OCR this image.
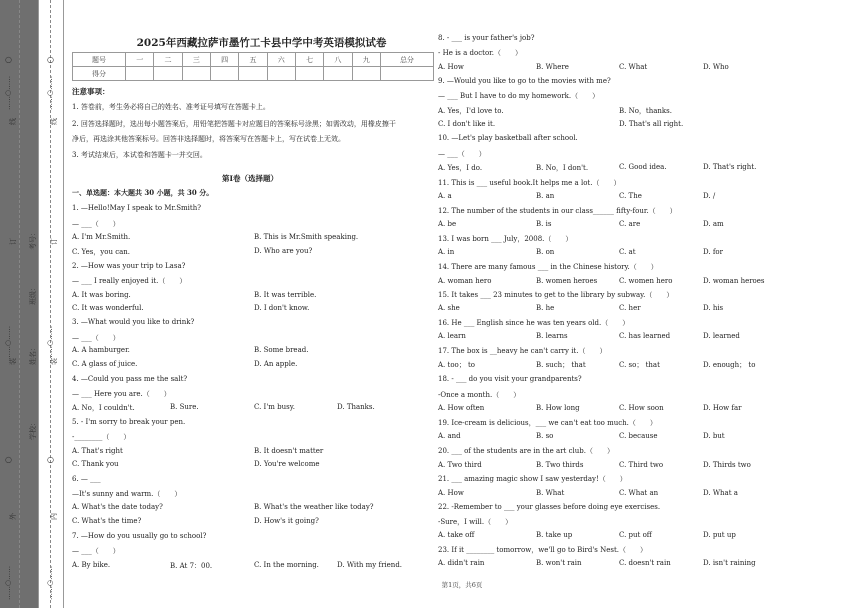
……○……
……○……
……○……
……○……
……○……
……○……
○
○
○
○
外
装
订
线
内
装
订
线
学校：
姓名：
班级：
考号：
2025年西藏拉萨市墨竹工卡县中学中考英语模拟试卷
题号	一	二	三	四	五	六	七	八	九	总分
得分										
注意事项：
1. 答卷前，考生务必将自己的姓名、准考证号填写在答题卡上。
2. 回答选择题时，选出每小题答案后，用铅笔把答题卡对应题目的答案标号涂黑；如需改动，用橡皮擦干
净后，再选涂其他答案标号。回答非选择题时，将答案写在答题卡上，写在试卷上无效。
3. 考试结束后，本试卷和答题卡一并交回。
第Ⅰ卷（选择题）
一、单选题：本大题共 30 小题，共 30 分。
1. —Hello!May I speak to Mr.Smith?
— ___（　　）
A. I'm Mr.Smith.	B. This is Mr.Smith speaking.
C. Yes，you can.	D. Who are you?
2. —How was your trip to Lasa?
— ___ I really enjoyed it.（　　）
A. It was boring.	B. It was terrible.
C. It was wonderful.	D. I don't know.
3. —What would you like to drink?
— ___（　　）
A. A hamburger.	B. Some bread.
C. A glass of juice.	D. An apple.
4. —Could you pass me the salt?
— ___ Here you are.（　　）
A. No，I couldn't.	B. Sure.	C. I'm busy.	D. Thanks.
5. - I'm sorry to break your pen.
-________（　　）
A. That's right	B. It doesn't matter
C. Thank you	D. You're welcome
6. — ___
—It's sunny and warm.（　　）
A. What's the date today?	B. What's the weather like today?
C. What's the time?	D. How's it going?
7. —How do you usually go to school?
— ___（　　）
A. By bike.	B. At 7：00.	C. In the morning.	D. With my friend.
8. - ___ is your father's job?
- He is a doctor.（　　）
A. How	B. Where	C. What	D. Who
9. —Would you like to go to the movies with me?
— ___ But I have to do my homework.（　　）
A. Yes，I'd love to.	B. No，thanks.
C. I don't like it.	D. That's all right.
10. —Let's play basketball after school.
— ___（　　）
A. Yes，I do.	B. No，I don't.	C. Good idea.	D. That's right.
11. This is ___ useful book.It helps me a lot.（　　）
A. a	B. an	C. The	D. /
12. The number of the students in our class______ fifty-four.（　　）
A. be	B. is	C. are	D. am
13. I was born ___ July，2008.（　　）
A. in	B. on	C. at	D. for
14. There are many famous ___ in the Chinese history.（　　）
A. woman hero	B. women heroes	C. women hero	D. woman heroes
15. It takes ___ 23 minutes to get to the library by subway.（　　）
A. she	B. he	C. her	D. his
16. He ___ English since he was ten years old.（　　）
A. learn	B. learns	C. has learned	D. learned
17. The box is __heavy he can't carry it.（　　）
A. too； to	B. such； that	C. so； that	D. enough； to
18. - ___ do you visit your grandparents?
-Once a month.（　　）
A. How often	B. How long	C. How soon	D. How far
19. Ice-cream is delicious，___ we can't eat too much.（　　）
A. and	B. so	C. because	D. but
20. ___ of the students are in the art club.（　　）
A. Two third	B. Two thirds	C. Third two	D. Thirds two
21. ___ amazing magic show I saw yesterday!（　　）
A. How	B. What	C. What an	D. What a
22. -Remember to ___ your glasses before doing eye exercises.
-Sure，I will.（　　）
A. take off	B. take up	C. put off	D. put up
23. If it ________ tomorrow，we'll go to Bird's Nest.（　　）
A. didn't rain	B. won't rain	C. doesn't rain	D. isn't raining
第1页，共6页
